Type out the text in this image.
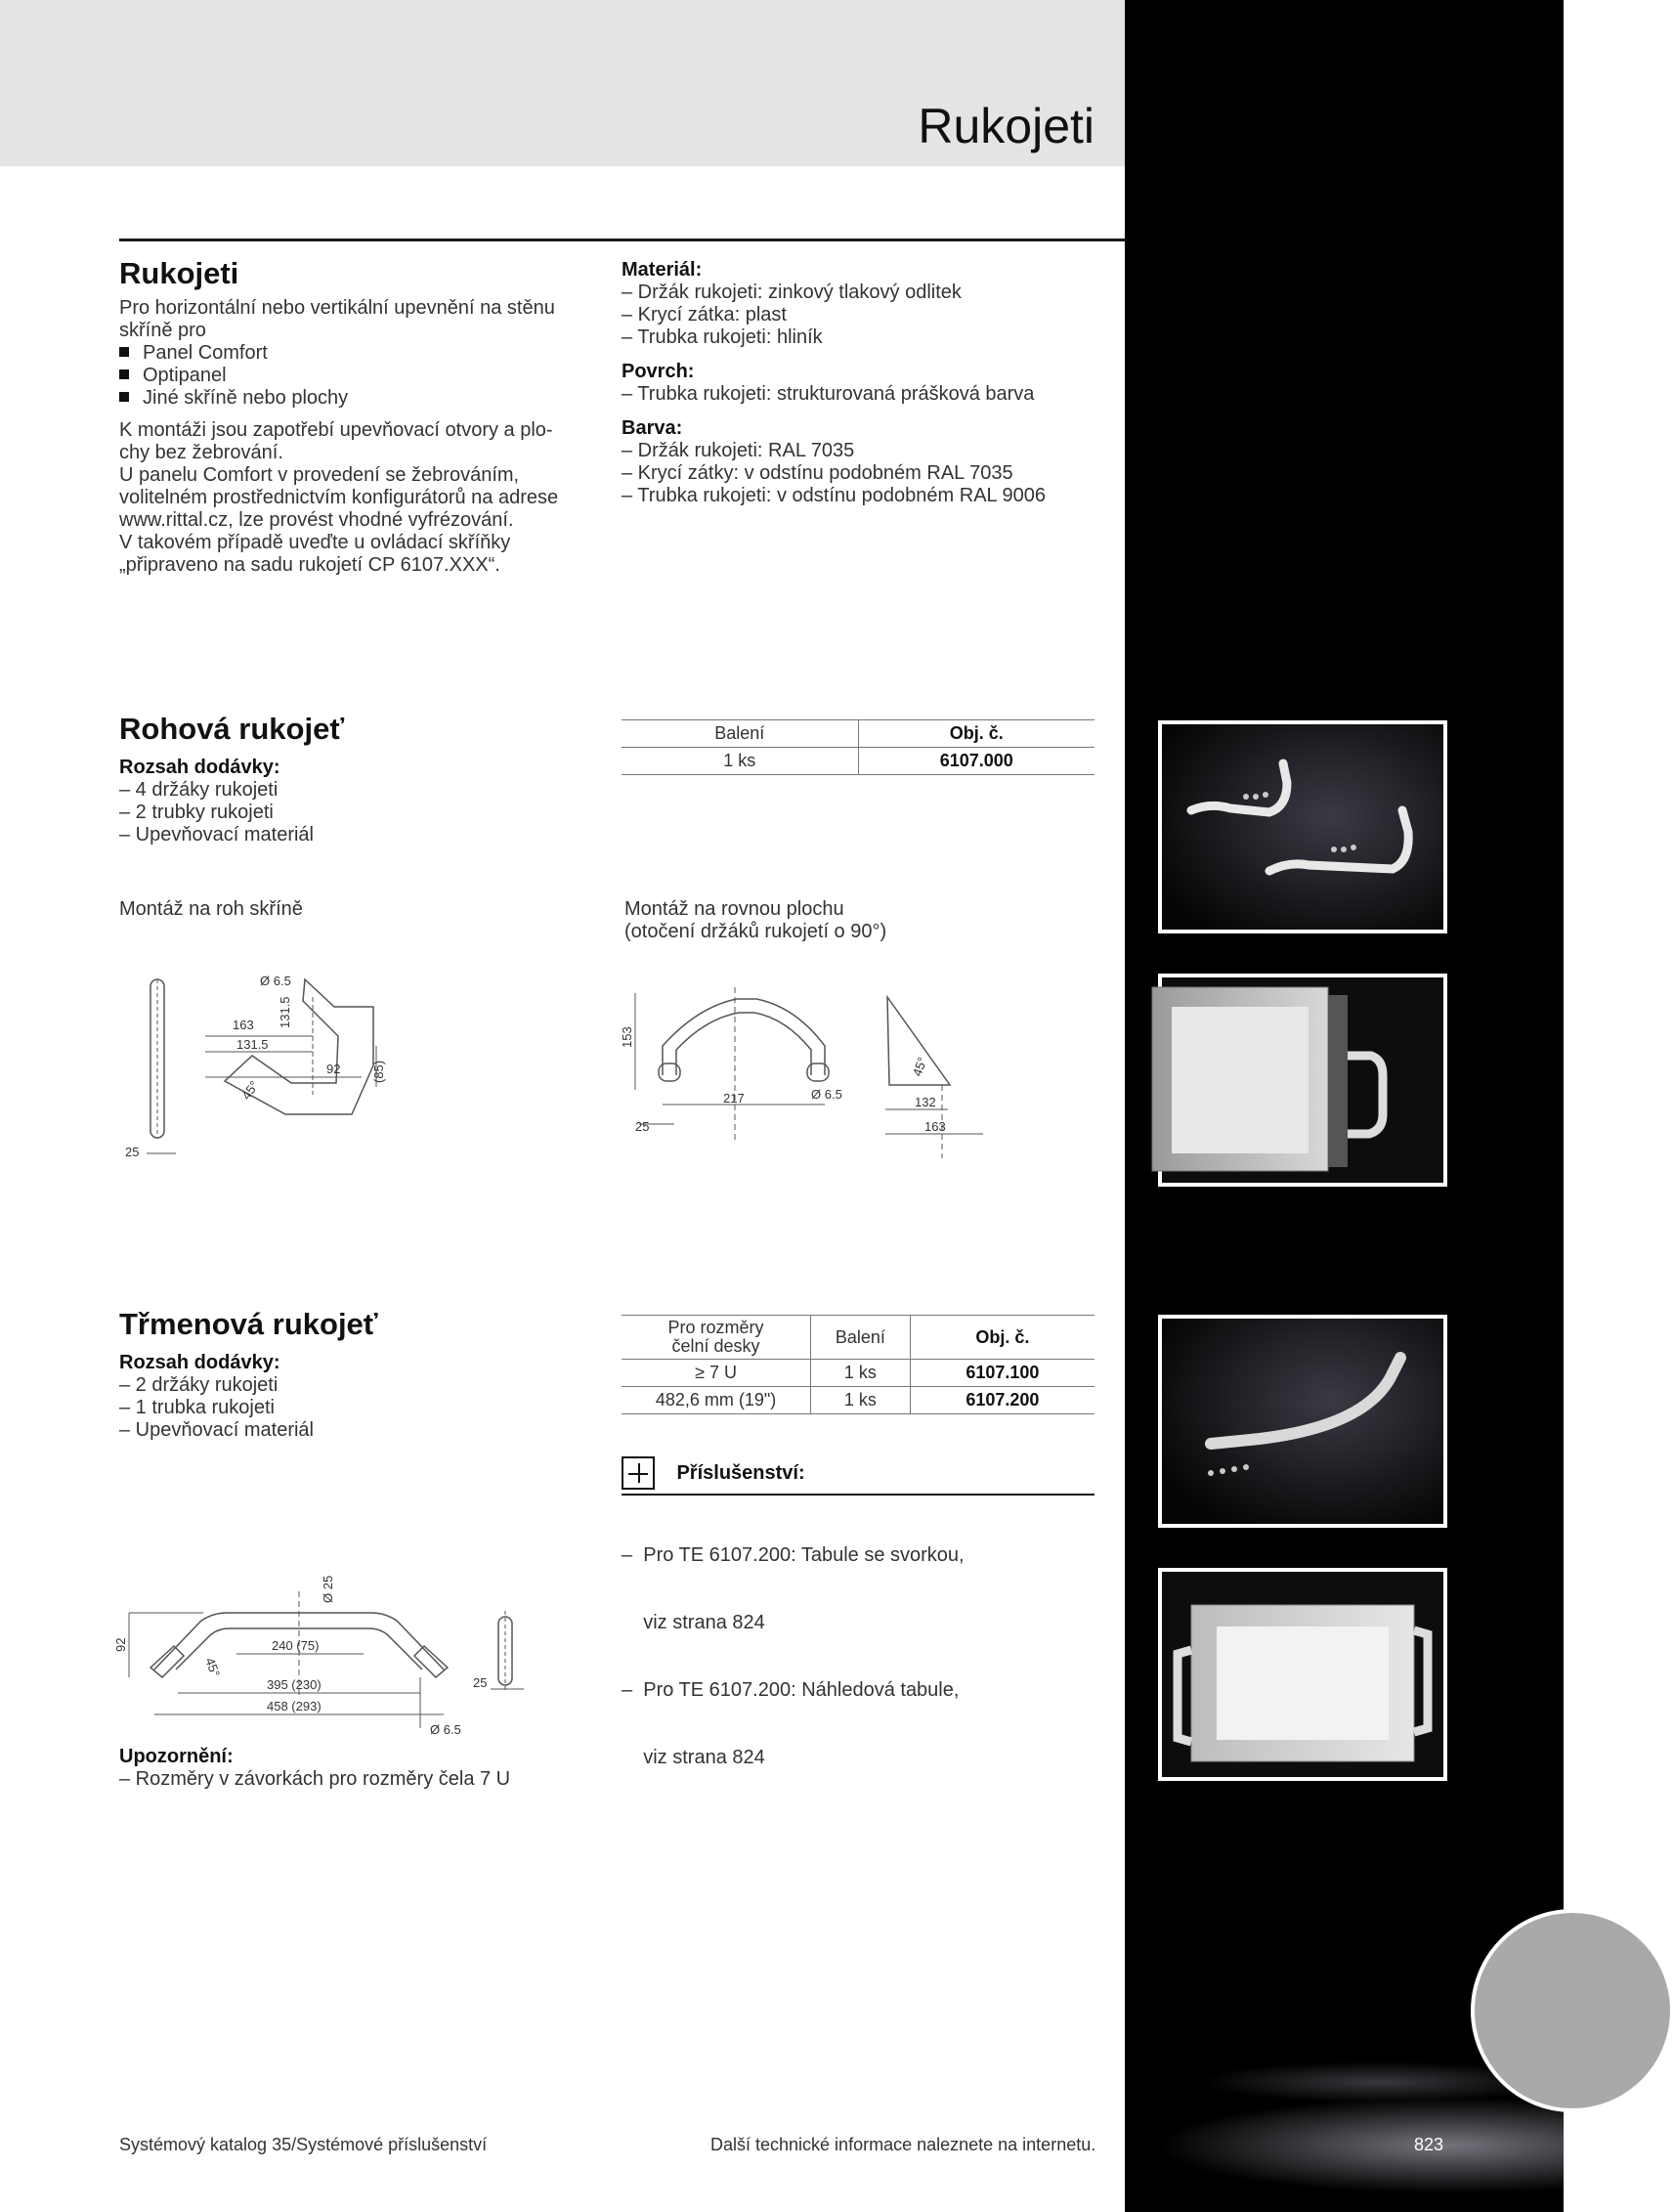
Rukojeti
Rukojeti
Pro horizontální nebo vertikální upevnění na stěnu
skříně pro
Panel Comfort
Optipanel
Jiné skříně nebo plochy
K montáži jsou zapotřebí upevňovací otvory a plo-
chy bez žebrování.
U panelu Comfort v provedení se žebrováním,
volitelném prostřednictvím konfigurátorů na adrese
www.rittal.cz, lze provést vhodné vyfrézování.
V takovém případě uveďte u ovládací skříňky
„připraveno na sadu rukojetí CP 6107.XXX“.
Materiál:
– Držák rukojeti: zinkový tlakový odlitek
– Krycí zátka: plast
– Trubka rukojeti: hliník
Povrch:
– Trubka rukojeti: strukturovaná prášková barva
Barva:
– Držák rukojeti: RAL 7035
– Krycí zátky: v odstínu podobném RAL 7035
– Trubka rukojeti: v odstínu podobném RAL 9006
Rohová rukojeť
Rozsah dodávky:
– 4 držáky rukojeti
– 2 trubky rukojeti
– Upevňovací materiál
Balení	Obj. č.
1 ks	6107.000
Montáž na roh skříně	Montáž na rovnou plochu
(otočení držáků rukojetí o 90°)
Ø 6.5
163 131.5
131.5
92 (85)
45°
25
153
217	Ø 6.5
25
45°
132
163
Třmenová rukojeť
Rozsah dodávky:
– 2 držáky rukojeti
– 1 trubka rukojeti
– Upevňovací materiál
Pro rozměry
čelní desky	Balení	Obj. č.
≥ 7 U	1 ks	6107.100
482,6 mm (19")	1 ks	6107.200
Příslušenství:

–  Pro TE 6107.200: Tabule se svorkou,

viz strana 824

–  Pro TE 6107.200: Náhledová tabule,

viz strana 824

Ø 25
92
45°
240 (75)
395 (230)
458 (293)
Ø 6.5
25
Upozornění:
– Rozměry v závorkách pro rozměry čela 7 U
Systémový katalog 35/Systémové příslušenství	Další technické informace naleznete na internetu.	823
